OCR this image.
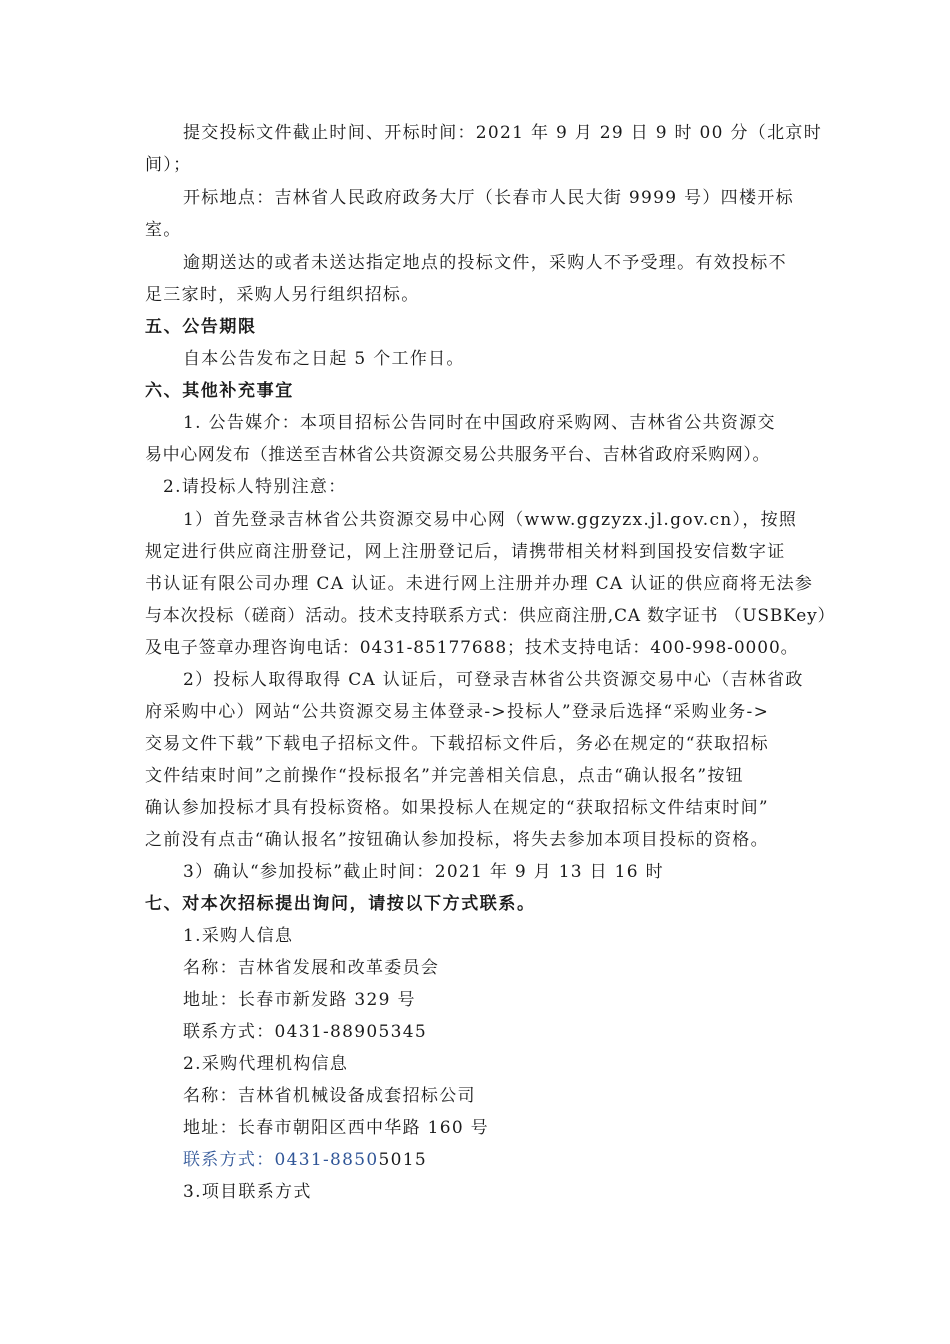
提交投标文件截止时间、开标时间：2021 年 9 月 29 日 9 时 00 分（北京时
间）；
开标地点：吉林省人民政府政务大厅（长春市人民大街 9999 号）四楼开标
室。
逾期送达的或者未送达指定地点的投标文件，采购人不予受理。有效投标不
足三家时，采购人另行组织招标。
五、公告期限
自本公告发布之日起 5 个工作日。
六、其他补充事宜
1. 公告媒介：本项目招标公告同时在中国政府采购网、吉林省公共资源交
易中心网发布（推送至吉林省公共资源交易公共服务平台、吉林省政府采购网）。
2.请投标人特别注意：
1）首先登录吉林省公共资源交易中心网（www.ggzyzx.jl.gov.cn），按照
规定进行供应商注册登记，网上注册登记后，请携带相关材料到国投安信数字证
书认证有限公司办理 CA 认证。未进行网上注册并办理 CA 认证的供应商将无法参
与本次投标（磋商）活动。技术支持联系方式：供应商注册,CA 数字证书 （USBKey）
及电子签章办理咨询电话：0431-85177688；技术支持电话：400-998-0000。
2）投标人取得取得 CA 认证后，可登录吉林省公共资源交易中心（吉林省政
府采购中心）网站“公共资源交易主体登录->投标人”登录后选择“采购业务->
交易文件下载”下载电子招标文件。下载招标文件后，务必在规定的“获取招标
文件结束时间”之前操作“投标报名”并完善相关信息，点击“确认报名”按钮
确认参加投标才具有投标资格。如果投标人在规定的“获取招标文件结束时间”
之前没有点击“确认报名”按钮确认参加投标，将失去参加本项目投标的资格。
3）确认“参加投标”截止时间：2021 年 9 月 13 日 16 时
七、对本次招标提出询问，请按以下方式联系。
1.采购人信息
名称：吉林省发展和改革委员会
地址：长春市新发路 329 号
联系方式：0431-88905345
2.采购代理机构信息
名称：吉林省机械设备成套招标公司
地址：长春市朝阳区西中华路 160 号
联系方式：0431-88505015
3.项目联系方式
